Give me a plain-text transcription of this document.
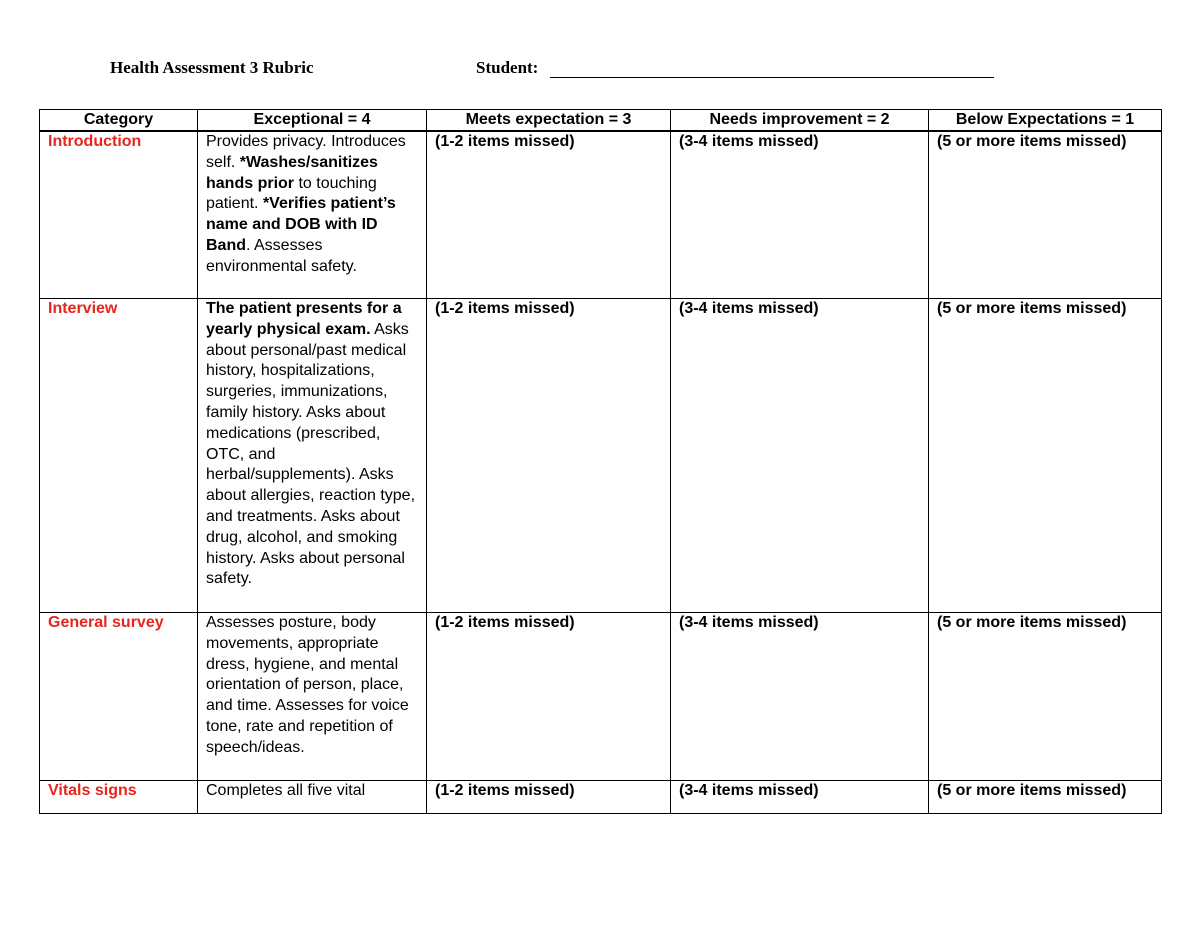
Health Assessment 3 Rubric	Student:
Category	Exceptional = 4	Meets expectation = 3	Needs improvement = 2	Below Expectations = 1
Introduction	Provides privacy. Introduces self. *Washes/sanitizes hands prior to touching patient. *Verifies patient’s name and DOB with ID Band. Assesses environmental safety.	(1-2 items missed)	(3-4 items missed)	(5 or more items missed)
Interview	The patient presents for a yearly physical exam. Asks about personal/past medical history, hospitalizations, surgeries, immunizations, family history. Asks about medications (prescribed, OTC, and herbal/supplements). Asks about allergies, reaction type, and treatments. Asks about drug, alcohol, and smoking history. Asks about personal safety.	(1-2 items missed)	(3-4 items missed)	(5 or more items missed)
General survey	Assesses posture, body movements, appropriate dress, hygiene, and mental orientation of person, place, and time. Assesses for voice tone, rate and repetition of speech/ideas.	(1-2 items missed)	(3-4 items missed)	(5 or more items missed)
Vitals signs	Completes all five vital	(1-2 items missed)	(3-4 items missed)	(5 or more items missed)
